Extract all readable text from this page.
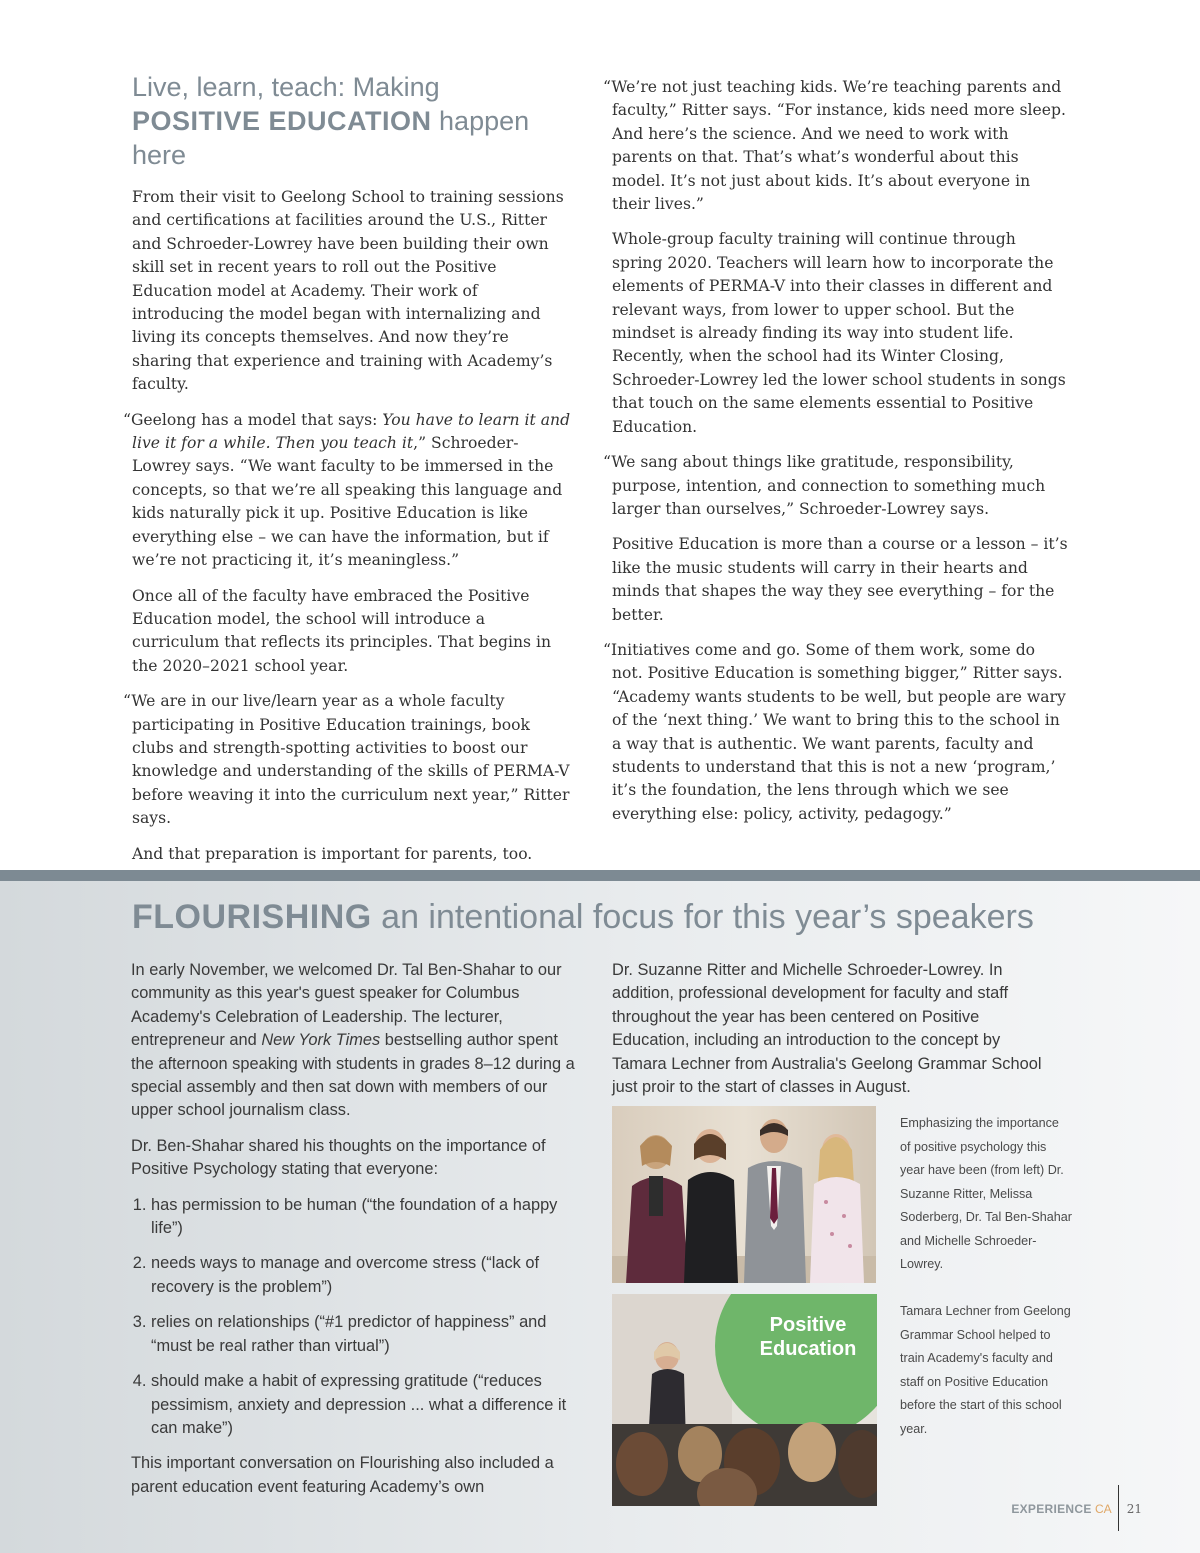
Live, learn, teach: Making POSITIVE EDUCATION happen here

From their visit to Geelong School to training sessions and certifications at facilities around the U.S., Ritter and Schroeder-Lowrey have been building their own skill set in recent years to roll out the Positive Education model at Academy. Their work of introducing the model began with internalizing and living its concepts themselves. And now they’re sharing that experience and training with Academy’s faculty.

“Geelong has a model that says: You have to learn it and live it for a while. Then you teach it,” Schroeder-Lowrey says. “We want faculty to be immersed in the concepts, so that we’re all speaking this language and kids naturally pick it up. Positive Education is like everything else – we can have the information, but if we’re not practicing it, it’s meaningless.”

Once all of the faculty have embraced the Positive Education model, the school will introduce a curriculum that reflects its principles. That begins in the 2020–2021 school year.

“We are in our live/learn year as a whole faculty participating in Positive Education trainings, book clubs and strength-spotting activities to boost our knowledge and understanding of the skills of PERMA-V before weaving it into the curriculum next year,” Ritter says.

And that preparation is important for parents, too.

“We’re not just teaching kids. We’re teaching parents and faculty,” Ritter says. “For instance, kids need more sleep. And here’s the science. And we need to work with parents on that. That’s what’s wonderful about this model. It’s not just about kids. It’s about everyone in their lives.”

Whole-group faculty training will continue through spring 2020. Teachers will learn how to incorporate the elements of PERMA-V into their classes in different and relevant ways, from lower to upper school. But the mindset is already finding its way into student life. Recently, when the school had its Winter Closing, Schroeder-Lowrey led the lower school students in songs that touch on the same elements essential to Positive Education.

“We sang about things like gratitude, responsibility, purpose, intention, and connection to something much larger than ourselves,” Schroeder-Lowrey says.

Positive Education is more than a course or a lesson – it’s like the music students will carry in their hearts and minds that shapes the way they see everything – for the better.

“Initiatives come and go. Some of them work, some do not. Positive Education is something bigger,” Ritter says. “Academy wants students to be well, but people are wary of the ‘next thing.’ We want to bring this to the school in a way that is authentic. We want parents, faculty and students to understand that this is not a new ‘program,’ it’s the foundation, the lens through which we see everything else: policy, activity, pedagogy.”

FLOURISHING an intentional focus for this year’s speakers

In early November, we welcomed Dr. Tal Ben-Shahar to our community as this year's guest speaker for Columbus Academy's Celebration of Leadership. The lecturer, entrepreneur and New York Times bestselling author spent the afternoon speaking with students in grades 8–12 during a special assembly and then sat down with members of our upper school journalism class.

Dr. Ben-Shahar shared his thoughts on the importance of Positive Psychology stating that everyone:

1. has permission to be human (“the foundation of a happy life”)
2. needs ways to manage and overcome stress (“lack of recovery is the problem”)
3. relies on relationships (“#1 predictor of happiness” and “must be real rather than virtual”)
4. should make a habit of expressing gratitude (“reduces pessimism, anxiety and depression ... what a difference it can make”)

This important conversation on Flourishing also included a parent education event featuring Academy’s own

Dr. Suzanne Ritter and Michelle Schroeder-Lowrey. In addition, professional development for faculty and staff throughout the year has been centered on Positive Education, including an introduction to the concept by Tamara Lechner from Australia's Geelong Grammar School just proir to the start of classes in August.

Emphasizing the importance of positive psychology this year have been (from left) Dr. Suzanne Ritter, Melissa Soderberg, Dr. Tal Ben-Shahar and Michelle Schroeder-Lowrey.
Positive
Education
Tamara Lechner from Geelong Grammar School helped to train Academy's faculty and staff on Positive Education before the start of this school year.
EXPERIENCE CA 21
